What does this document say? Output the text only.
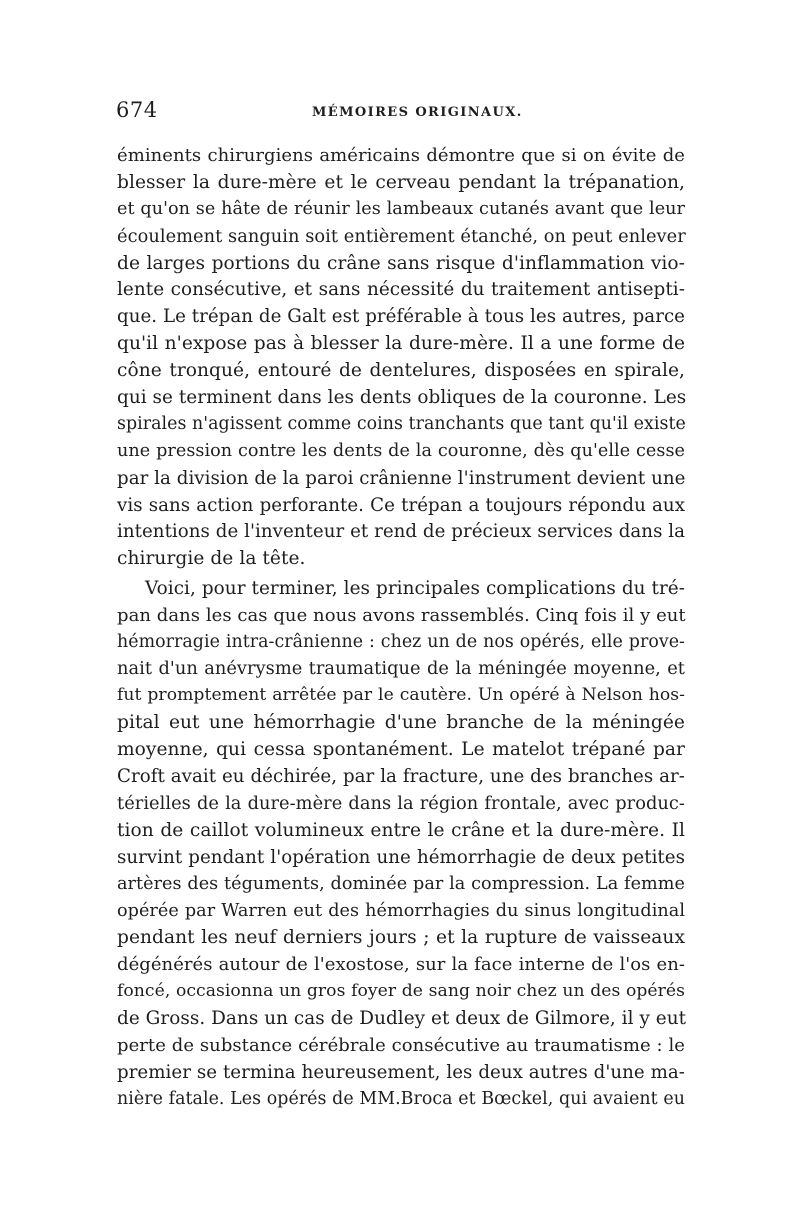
674	MÉMOIRES ORIGINAUX.
éminents chirurgiens américains démontre que si on évite de
blesser la dure-mère et le cerveau pendant la trépanation,
et qu'on se hâte de réunir les lambeaux cutanés avant que leur
écoulement sanguin soit entièrement étanché, on peut enlever
de larges portions du crâne sans risque d'inflammation vio-
lente consécutive, et sans nécessité du traitement antisepti-
que. Le trépan de Galt est préférable à tous les autres, parce
qu'il n'expose pas à blesser la dure-mère. Il a une forme de
cône tronqué, entouré de dentelures, disposées en spirale,
qui se terminent dans les dents obliques de la couronne. Les
spirales n'agissent comme coins tranchants que tant qu'il existe
une pression contre les dents de la couronne, dès qu'elle cesse
par la division de la paroi crânienne l'instrument devient une
vis sans action perforante. Ce trépan a toujours répondu aux
intentions de l'inventeur et rend de précieux services dans la
chirurgie de la tête.
Voici, pour terminer, les principales complications du tré-
pan dans les cas que nous avons rassemblés. Cinq fois il y eut
hémorragie intra-crânienne : chez un de nos opérés, elle prove-
nait d'un anévrysme traumatique de la méningée moyenne, et
fut promptement arrêtée par le cautère. Un opéré à Nelson hos-
pital eut une hémorrhagie d'une branche de la méningée
moyenne, qui cessa spontanément. Le matelot trépané par
Croft avait eu déchirée, par la fracture, une des branches ar-
térielles de la dure-mère dans la région frontale, avec produc-
tion de caillot volumineux entre le crâne et la dure-mère. Il
survint pendant l'opération une hémorrhagie de deux petites
artères des téguments, dominée par la compression. La femme
opérée par Warren eut des hémorrhagies du sinus longitudinal
pendant les neuf derniers jours ; et la rupture de vaisseaux
dégénérés autour de l'exostose, sur la face interne de l'os en-
foncé, occasionna un gros foyer de sang noir chez un des opérés
de Gross. Dans un cas de Dudley et deux de Gilmore, il y eut
perte de substance cérébrale consécutive au traumatisme : le
premier se termina heureusement, les deux autres d'une ma-
nière fatale. Les opérés de MM.Broca et Bœckel, qui avaient eu
